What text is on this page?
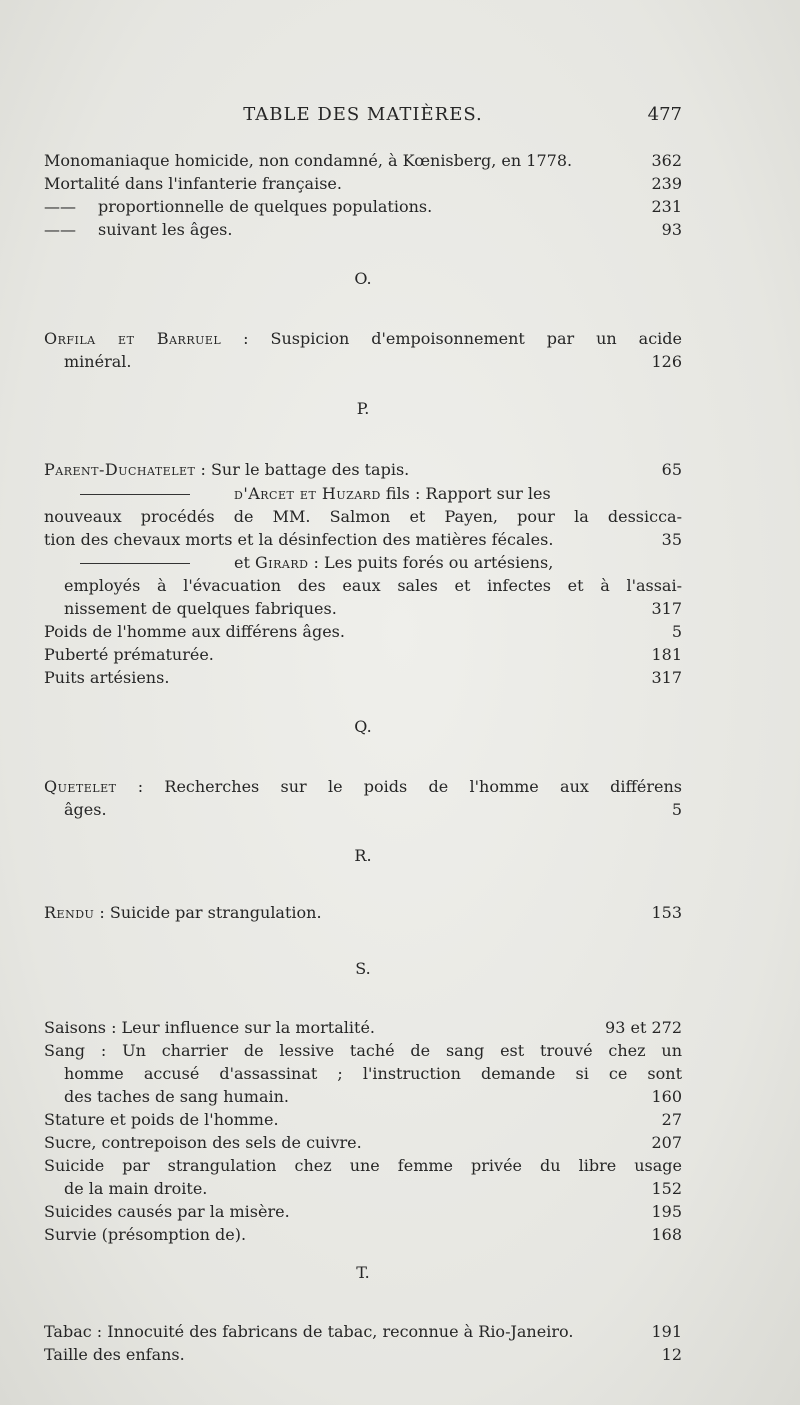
TABLE DES MATIÈRES.	477
Monomaniaque homicide, non condamné, à Kœnisberg, en 1778.	362
Mortalité dans l'infanterie française.	239
—— proportionnelle de quelques populations.	231
—— suivant les âges.	93
O.
Orfila et Barruel : Suspicion d'empoisonnement par un acide
minéral.	126
P.
Parent-Duchatelet : Sur le battage des tapis.	65
d'Arcet et Huzard fils : Rapport sur les
nouveaux procédés de MM. Salmon et Payen, pour la dessicca-
tion des chevaux morts et la désinfection des matières fécales.	35
et Girard : Les puits forés ou artésiens,
employés à l'évacuation des eaux sales et infectes et à l'assai-
nissement de quelques fabriques.	317
Poids de l'homme aux différens âges.	5
Puberté prématurée.	181
Puits artésiens.	317
Q.
Quetelet : Recherches sur le poids de l'homme aux différens
âges.	5
R.
Rendu : Suicide par strangulation.	153
S.
Saisons : Leur influence sur la mortalité.	93 et 272
Sang : Un charrier de lessive taché de sang est trouvé chez un
homme accusé d'assassinat ; l'instruction demande si ce sont
des taches de sang humain.	160
Stature et poids de l'homme.	27
Sucre, contrepoison des sels de cuivre.	207
Suicide par strangulation chez une femme privée du libre usage
de la main droite.	152
Suicides causés par la misère.	195
Survie (présomption de).	168
T.
Tabac : Innocuité des fabricans de tabac, reconnue à Rio-Janeiro.	191
Taille des enfans.	12
